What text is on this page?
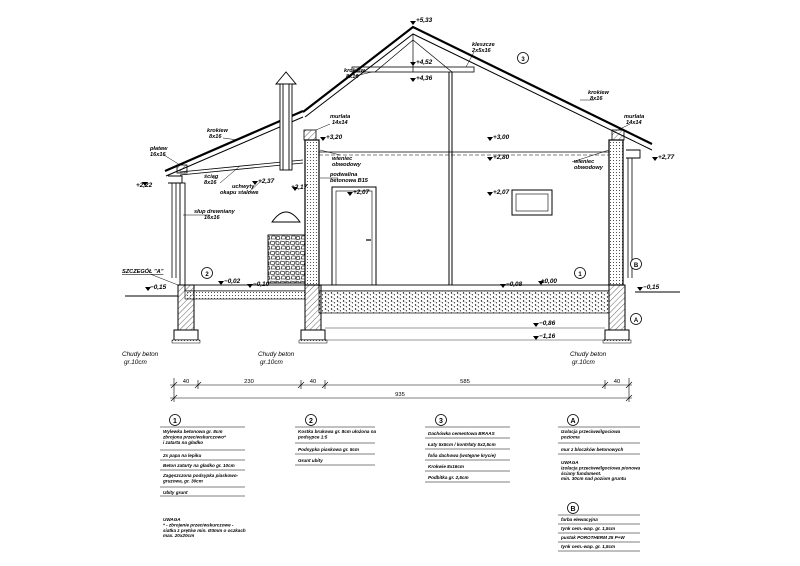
krokiew
8x16
kleszcze
2x5x16
krokiew
8x16
murlata
14x14
murlata
14x14
krokiew
8x16
płatew
16x16
ściąg
8x16
uchwyty
okapu stalowe
słup drewniany
16x16
wieniec
obwodowy
podwalina
betonowa B15
wieniec
obwodowy
SZCZEGÓŁ "A"
Chudy beton
gr.10cm
Chudy beton
gr.10cm
Chudy beton
gr.10cm
3
2	1
B
A
+5,33
+4,52
+4,36
+3,00
+3,20
+2,80	+2,77
+2,37
+2,17
+2,07	+2,07
+2,22
−0,02 −0,10	−0,08	±0,00
−0,15	−0,15
−0,86
−1,16
40	230	40	585	40
935
1	2	3	A
B
Wylewka betonowa gr. 8cm zbrojona przeciwskurczowo* i zatarta na gładko
2x papa na lepiku
Beton zatarty na gładko gr. 10cm
Zagęszczona podsypka piaskowo-gruzowa, gr. 30cm
Ubity grunt
Kostka brukowa gr. 8cm ułożona na podsypce 1:5
Podsypka piaskowa gr. 5cm
Grunt ubity
Dachówka cementowa BRAAS
Łaty 5x5cm / kontrłaty 5x2,5cm
folia dachowa (wstępne krycie)
Krokwie 8x16cm
Podbitka gr. 2,5cm
Izolacja przeciwwilgociowa pozioma
mur z bloczków betonowych
farba elewacyjna
tynk cem.-wap. gr. 1,5cm
pustak POROTHERM 25 P+W
tynk cem.-wap. gr. 1,5cm
UWAGA * - zbrojenie przeciwskurczowe -siatka z prętów min. Ø3mm o oczkach max. 20x20cm
UWAGA Izolacja przeciwwilgociowa pionowa ściany fundament. min. 30cm nad poziom gruntu
